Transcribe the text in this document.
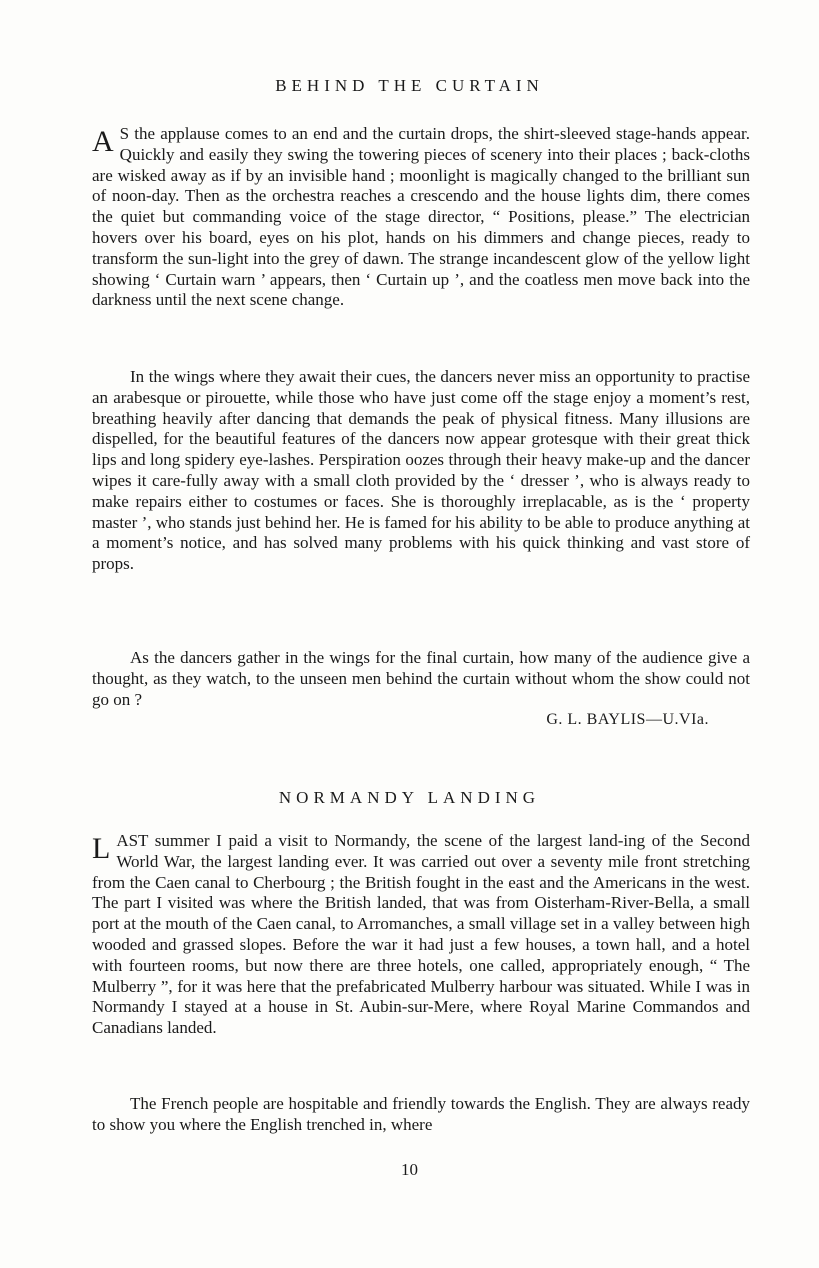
BEHIND THE CURTAIN

A S the applause comes to an end and the curtain drops, the shirt-sleeved stage-hands appear. Quickly and easily they swing the towering pieces of scenery into their places ; back-cloths are wisked away as if by an invisible hand ; moonlight is magically changed to the brilliant sun of noon-day. Then as the orchestra reaches a crescendo and the house lights dim, there comes the quiet but commanding voice of the stage director, “ Positions, please.” The electrician hovers over his board, eyes on his plot, hands on his dimmers and change pieces, ready to transform the sun-light into the grey of dawn. The strange incandescent glow of the yellow light showing ‘ Curtain warn ’ appears, then ‘ Curtain up ’, and the coatless men move back into the darkness until the next scene change.

In the wings where they await their cues, the dancers never miss an opportunity to practise an arabesque or pirouette, while those who have just come off the stage enjoy a moment’s rest, breathing heavily after dancing that demands the peak of physical fitness. Many illusions are dispelled, for the beautiful features of the dancers now appear grotesque with their great thick lips and long spidery eye-lashes. Perspiration oozes through their heavy make-up and the dancer wipes it care-fully away with a small cloth provided by the ‘ dresser ’, who is always ready to make repairs either to costumes or faces. She is thoroughly irreplacable, as is the ‘ property master ’, who stands just behind her. He is famed for his ability to be able to produce anything at a moment’s notice, and has solved many problems with his quick thinking and vast store of props.

As the dancers gather in the wings for the final curtain, how many of the audience give a thought, as they watch, to the unseen men behind the curtain without whom the show could not go on ?

G. L. BAYLIS—U.VIa.

NORMANDY LANDING

LAST summer I paid a visit to Normandy, the scene of the largest land-ing of the Second World War, the largest landing ever. It was carried out over a seventy mile front stretching from the Caen canal to Cherbourg ; the British fought in the east and the Americans in the west. The part I visited was where the British landed, that was from Oisterham-River-Bella, a small port at the mouth of the Caen canal, to Arromanches, a small village set in a valley between high wooded and grassed slopes. Before the war it had just a few houses, a town hall, and a hotel with fourteen rooms, but now there are three hotels, one called, appropriately enough, “ The Mulberry ”, for it was here that the prefabricated Mulberry harbour was situated. While I was in Normandy I stayed at a house in St. Aubin-sur-Mere, where Royal Marine Commandos and Canadians landed.

The French people are hospitable and friendly towards the English. They are always ready to show you where the English trenched in, where

10
